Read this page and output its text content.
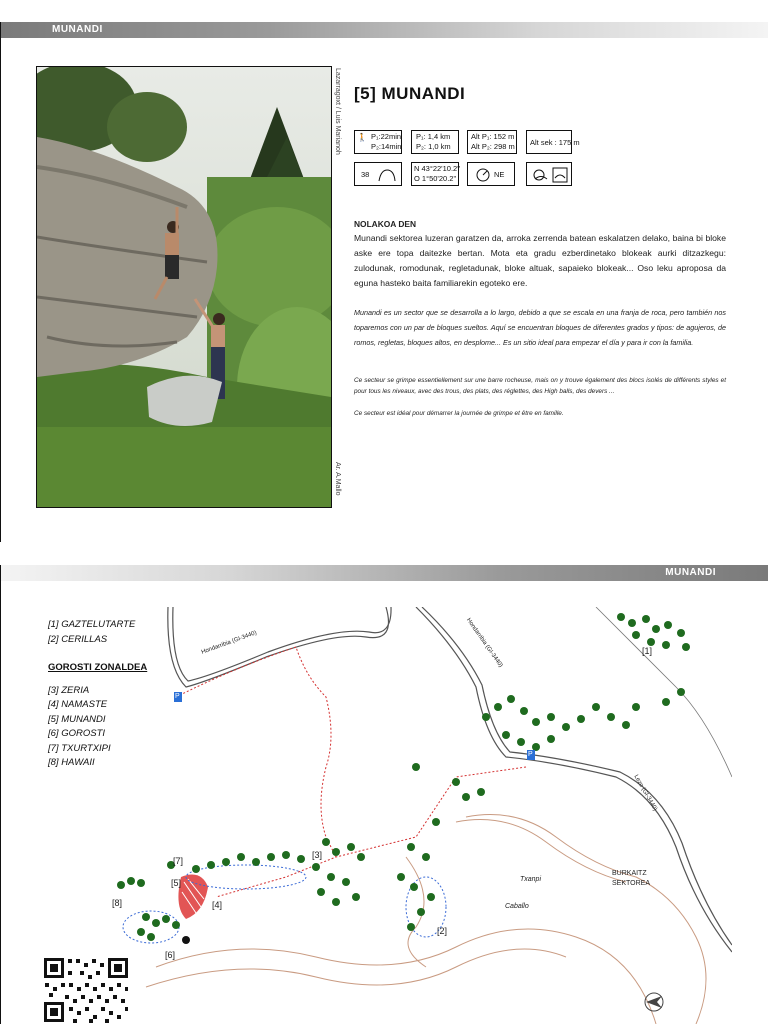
MUNANDI
Lazarragoxt / Luis Marianoh
Ar. A.Mallo
[5] MUNANDI
🚶 P₁:22min
P₂:14min
P₁: 1,4 km
P₂: 1,0 km
Alt P₁: 152 m
Alt P₂: 298 m Alt sek : 175 m
38
N 43°22'10.2"
O 1°50'20.2"	NE
NOLAKOA DEN
Munandi sektorea luzeran garatzen da, arroka zerrenda batean eskalatzen delako, baina bi bloke aske ere topa daitezke bertan. Mota eta gradu ezberdinetako blokeak aurki ditzazkegu: zulodunak, romodunak, regletadunak, bloke altuak, sapaieko blokeak... Oso leku aproposa da eguna hasteko baita familiarekin egoteko ere.
Munandi es un sector que se desarrolla a lo largo, debido a que se escala en una franja de roca, pero también nos toparemos con un par de bloques sueltos. Aquí se encuentran bloques de diferentes grados y tipos: de agujeros, de romos, regletas, bloques altos, en desplome... Es un sitio ideal para empezar el día y para ir con la familia.
Ce secteur se grimpe essentiellement sur une barre rocheuse, mais on y trouve également des blocs isolés de différents styles et pour tous les niveaux, avec des trous, des plats, des réglettes, des High balls, des devers ...
Ce secteur est idéal pour démarrer la journée de grimpe et être en famille.
MUNANDI
Hondarribia (GI-3440)	Hondarribia (GI-3440)
Lezo (GI-3440)
Txanpi
Caballo
BURKAITZ
SEKTOREA
[1]
[2]
[3]
[4]
[5]
[6]
[7]
[8]
P
P
[1] GAZTELUTARTE
[2] CERILLAS
GOROSTI ZONALDEA
[3] ZERIA
[4] NAMASTE
[5] MUNANDI
[6] GOROSTI
[7] TXURTXIPI
[8] HAWAII
